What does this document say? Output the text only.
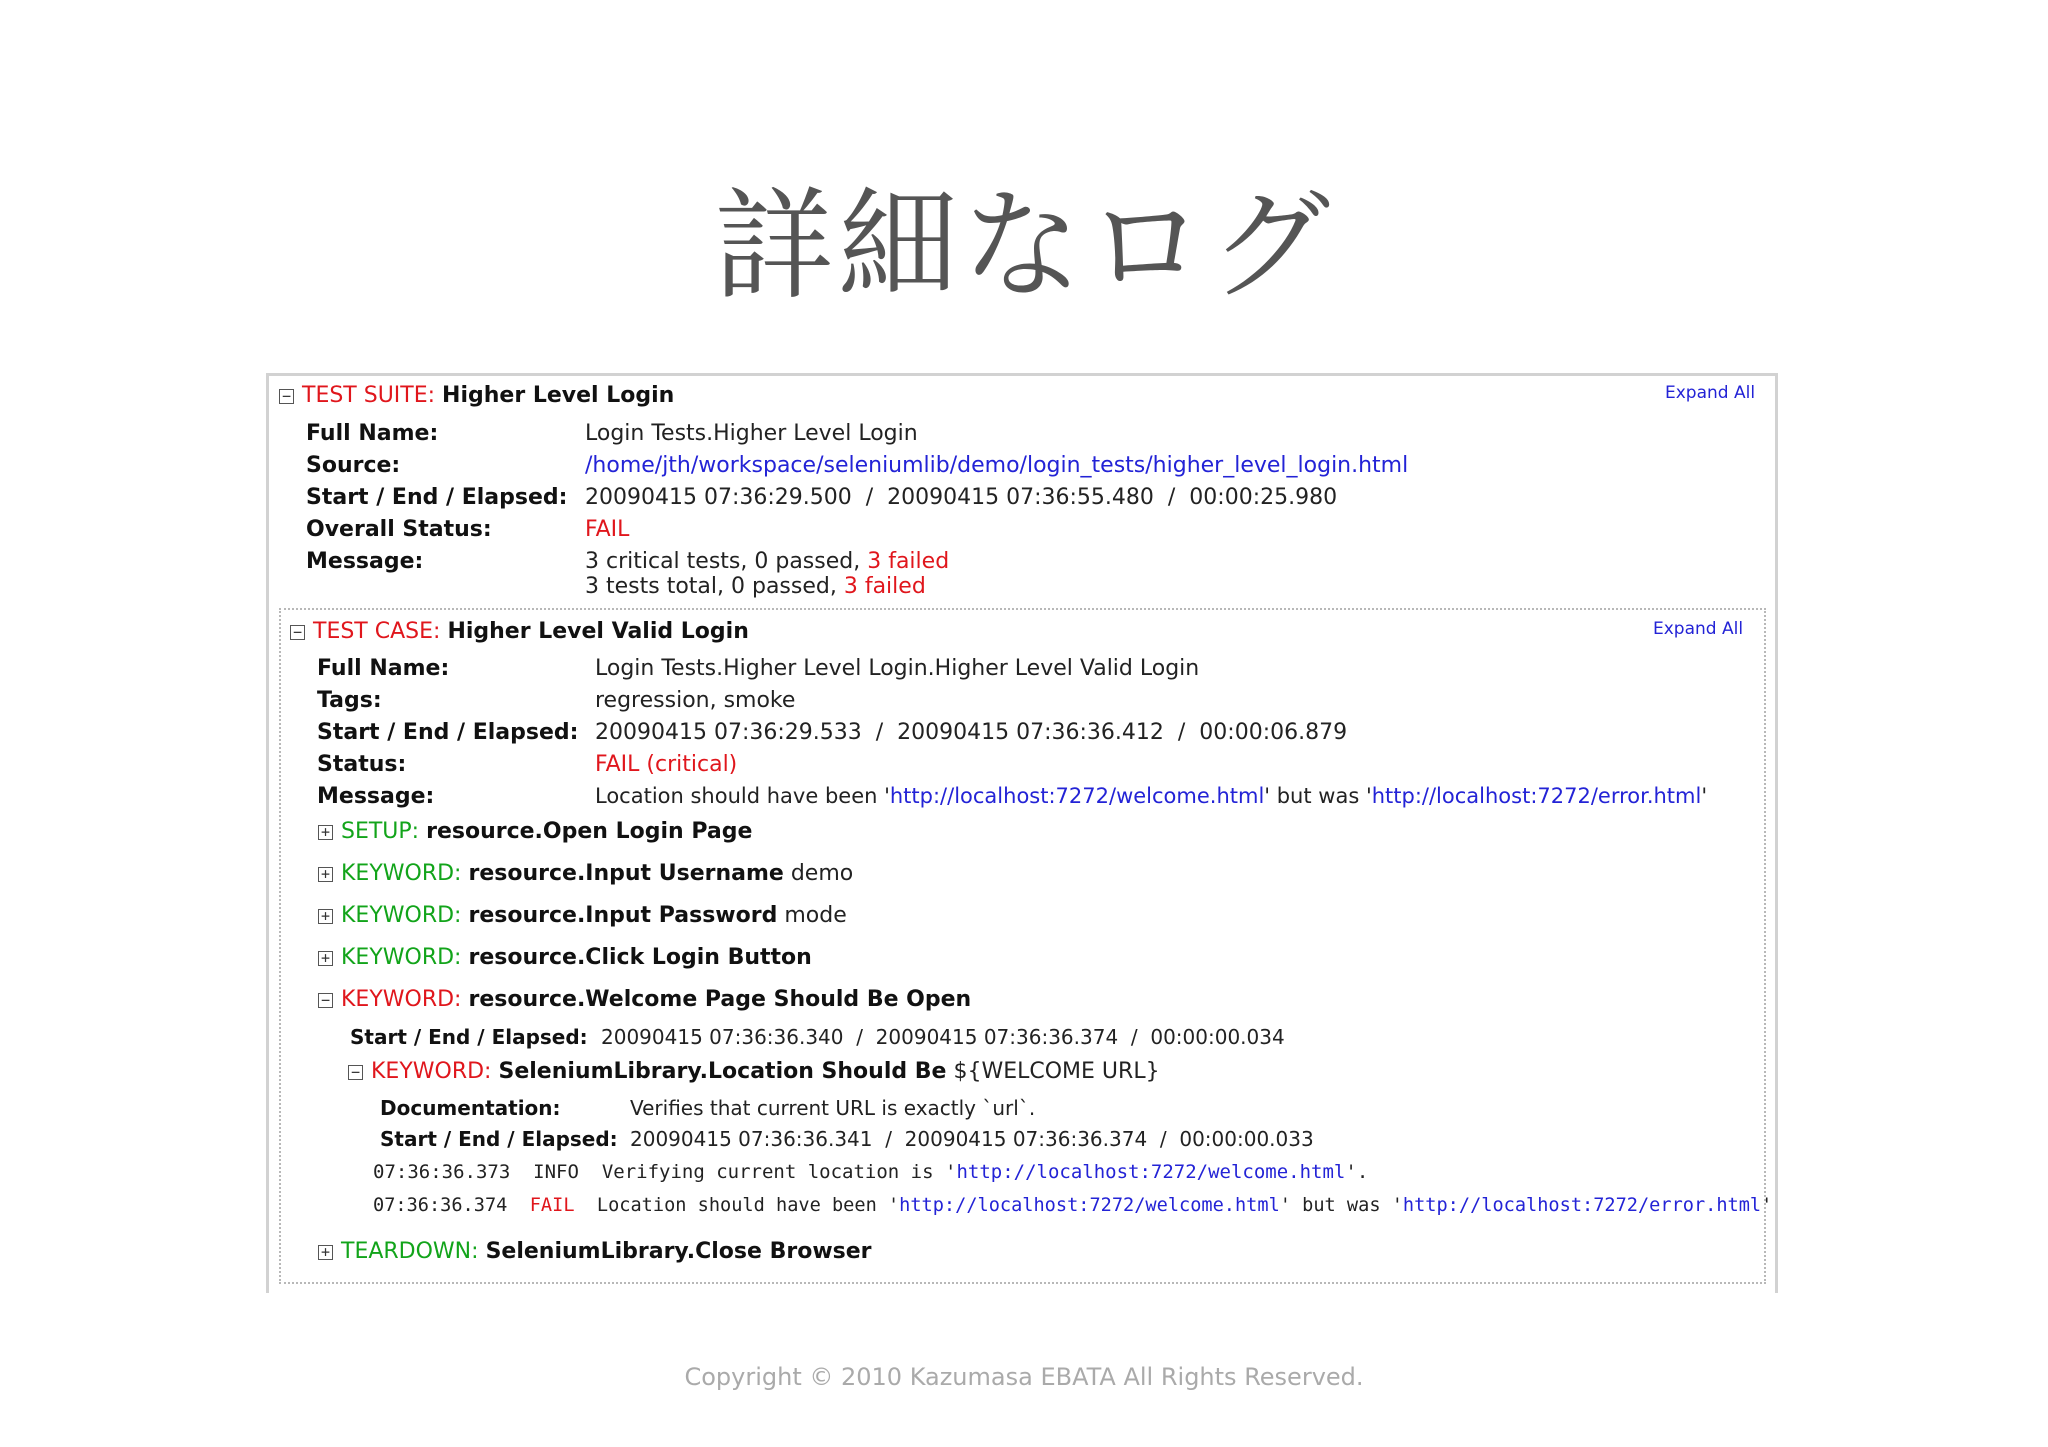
詳細なログ
− TEST SUITE: Higher Level Login	Expand All
Full Name:	Login Tests.Higher Level Login
Source:	/home/jth/workspace/seleniumlib/demo/login_tests/higher_level_login.html
Start / End / Elapsed: 20090415 07:36:29.500  /  20090415 07:36:55.480  /  00:00:25.980
Overall Status:	FAIL
Message:	3 critical tests, 0 passed, 3 failed
3 tests total, 0 passed, 3 failed
− TEST CASE: Higher Level Valid Login	Expand All
Full Name:	Login Tests.Higher Level Login.Higher Level Valid Login
Tags:	regression, smoke
Start / End / Elapsed: 20090415 07:36:29.533  /  20090415 07:36:36.412  /  00:00:06.879
Status:	FAIL (critical)
Message:	Location should have been 'http://localhost:7272/welcome.html' but was 'http://localhost:7272/error.html'
+ SETUP: resource.Open Login Page
+ KEYWORD: resource.Input Username demo
+ KEYWORD: resource.Input Password mode
+ KEYWORD: resource.Click Login Button
− KEYWORD: resource.Welcome Page Should Be Open
Start / End / Elapsed: 20090415 07:36:36.340  /  20090415 07:36:36.374  /  00:00:00.034
− KEYWORD: SeleniumLibrary.Location Should Be ${WELCOME URL}
Documentation:	Verifies that current URL is exactly `url`.
Start / End / Elapsed: 20090415 07:36:36.341  /  20090415 07:36:36.374  /  00:00:00.033
07:36:36.373 INFO Verifying current location is 'http://localhost:7272/welcome.html'.
07:36:36.374 FAIL Location should have been 'http://localhost:7272/welcome.html' but was 'http://localhost:7272/error.html'
+ TEARDOWN: SeleniumLibrary.Close Browser
Copyright © 2010 Kazumasa EBATA All Rights Reserved.
